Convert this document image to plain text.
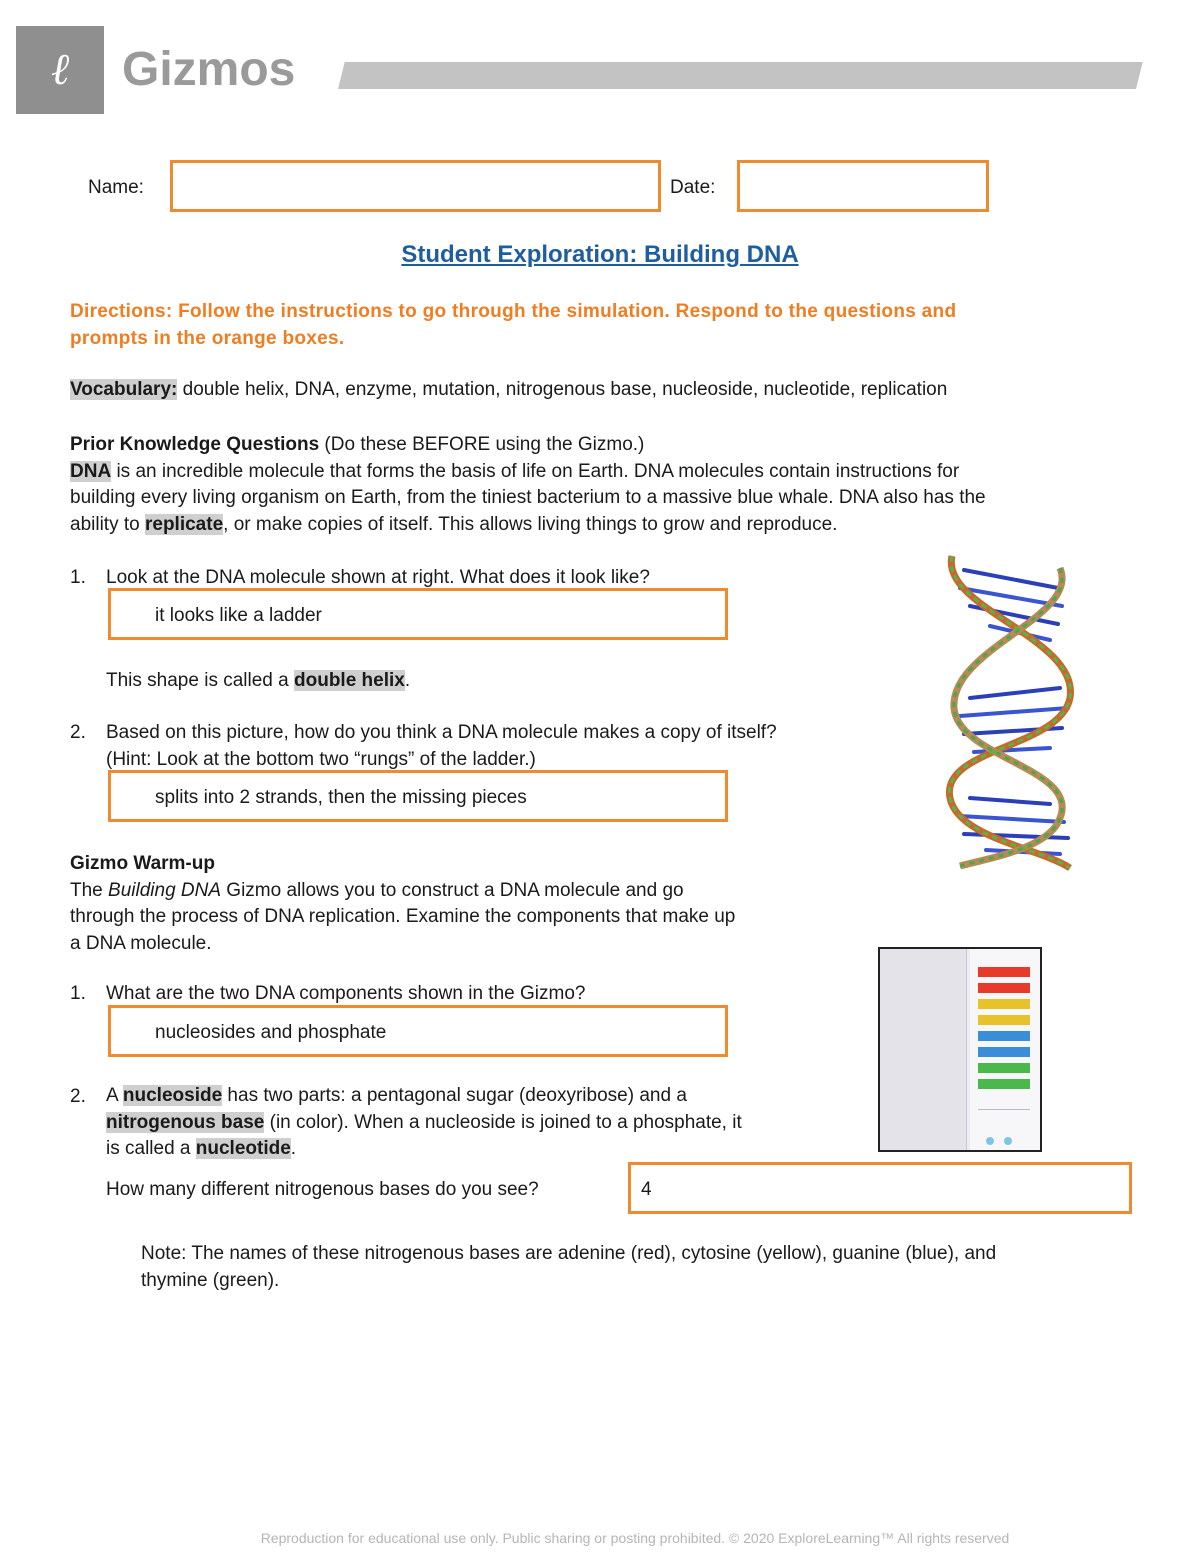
ℓ	Gizmos
Name:	Date:
Student Exploration: Building DNA
Directions: Follow the instructions to go through the simulation. Respond to the questions and
prompts in the orange boxes.
Vocabulary: double helix, DNA, enzyme, mutation, nitrogenous base, nucleoside, nucleotide, replication
Prior Knowledge Questions (Do these BEFORE using the Gizmo.)
DNA is an incredible molecule that forms the basis of life on Earth. DNA molecules contain instructions for
building every living organism on Earth, from the tiniest bacterium to a massive blue whale. DNA also has the
ability to replicate, or make copies of itself. This allows living things to grow and reproduce.
1. Look at the DNA molecule shown at right. What does it look like?
it looks like a ladder
This shape is called a double helix.
2. Based on this picture, how do you think a DNA molecule makes a copy of itself?
(Hint: Look at the bottom two “rungs” of the ladder.)
splits into 2 strands, then the missing pieces
Gizmo Warm-up
The Building DNA Gizmo allows you to construct a DNA molecule and go
through the process of DNA replication. Examine the components that make up
a DNA molecule.
1. What are the two DNA components shown in the Gizmo?
nucleosides and phosphate
2. A nucleoside has two parts: a pentagonal sugar (deoxyribose) and a
nitrogenous base (in color). When a nucleoside is joined to a phosphate, it
is called a nucleotide.
How many different nitrogenous bases do you see?	4
Note: The names of these nitrogenous bases are adenine (red), cytosine (yellow), guanine (blue), and
thymine (green).
Reproduction for educational use only. Public sharing or posting prohibited. © 2020 ExploreLearning™ All rights reserved
